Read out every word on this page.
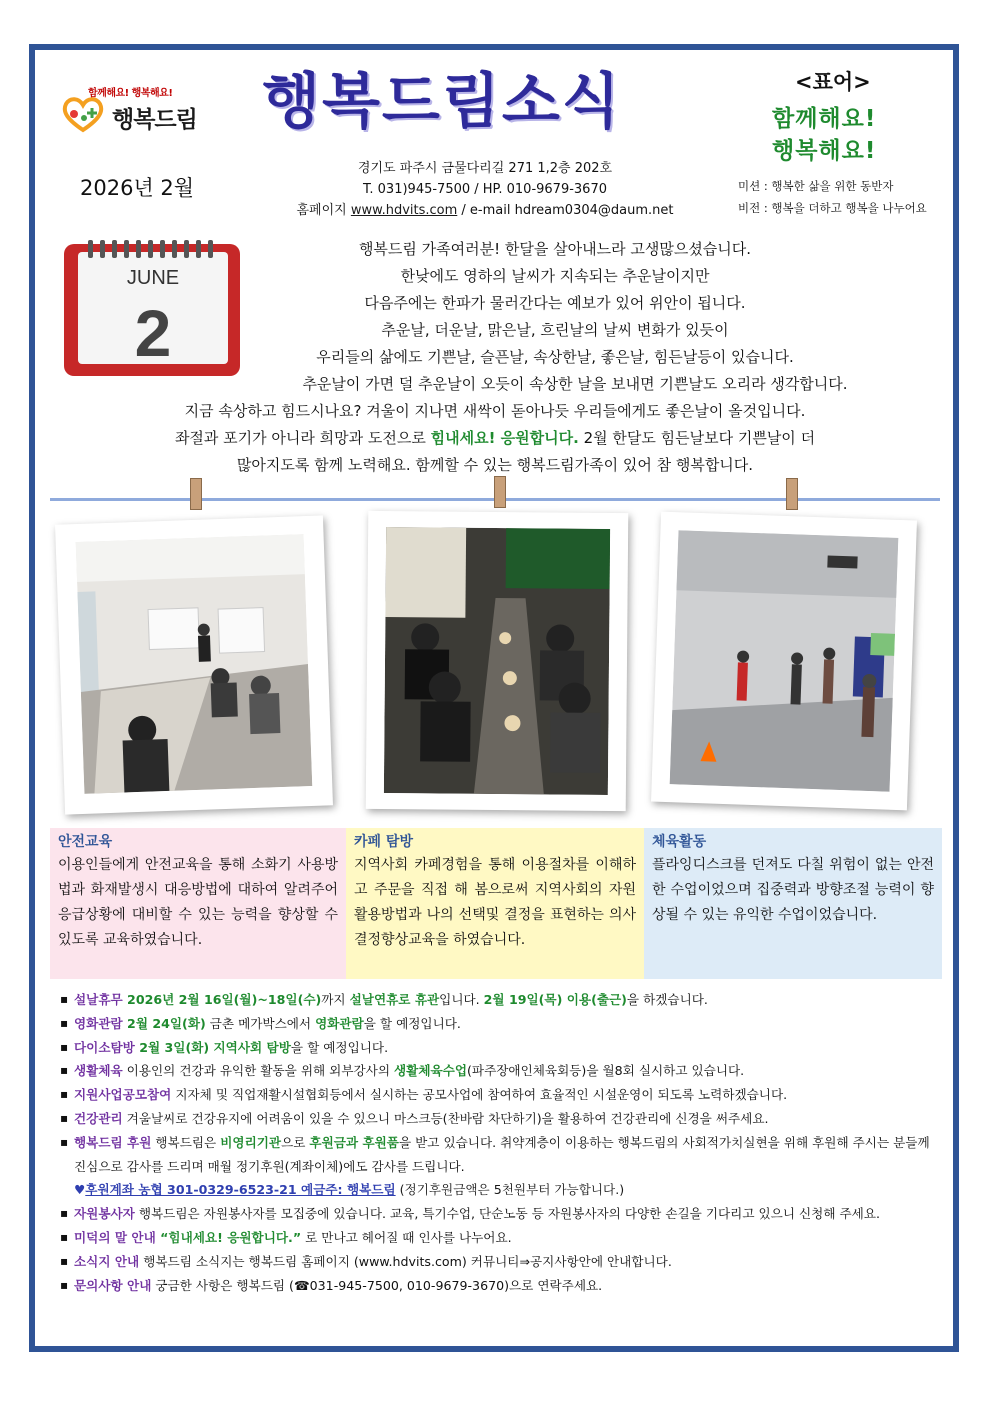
함께해요! 행복해요!
행복드림 행복드림소식	<표어>
함께해요!
행복해요!
2026년 2월
경기도 파주시 금물다리길 271 1,2층 202호
T. 031)945-7500 / HP. 010-9679-3670
홈페이지 www.hdvits.com / e-mail hdream0304@daum.net
미션 : 행복한 삶을 위한 동반자
비전 : 행복을 더하고 행복을 나누어요
JUNE
2

행복드림 가족여러분! 한달을 살아내느라 고생많으셨습니다.

한낮에도 영하의 날씨가 지속되는 추운날이지만

다음주에는 한파가 물러간다는 예보가 있어 위안이 됩니다.

추운날, 더운날, 맑은날, 흐린날의 날씨 변화가 있듯이

우리들의 삶에도 기쁜날, 슬픈날, 속상한날, 좋은날, 힘든날등이 있습니다.

추운날이 가면 덜 추운날이 오듯이 속상한 날을 보내면 기쁜날도 오리라 생각합니다.

지금 속상하고 힘드시나요? 겨울이 지나면 새싹이 돋아나듯 우리들에게도 좋은날이 올것입니다.

좌절과 포기가 아니라 희망과 도전으로 힘내세요! 응원합니다. 2월 한달도 힘든날보다 기쁜날이 더

많아지도록 함께 노력해요. 함께할 수 있는 행복드림가족이 있어 참 행복합니다.

안전교육

이용인들에게 안전교육을 통해 소화기 사용방법과 화재발생시 대응방법에 대하여 알려주어 응급상황에 대비할 수 있는 능력을 향상할 수 있도록 교육하였습니다.

카페 탐방

지역사회 카페경험을 통해 이용절차를 이해하고 주문을 직접 해 봄으로써 지역사회의 자원활용방법과 나의 선택및 결정을 표현하는 의사결정향상교육을 하였습니다.

체육활동

플라잉디스크를 던져도 다칠 위험이 없는 안전한 수업이었으며 집중력과 방향조절 능력이 향상될 수 있는 유익한 수업이었습니다.

▪ 설날휴무 2026년 2월 16일(월)~18일(수)까지 설날연휴로 휴관입니다. 2월 19일(목) 이용(출근)을 하겠습니다.

▪ 영화관람 2월 24일(화) 금촌 메가박스에서 영화관람을 할 예정입니다.

▪ 다이소탐방 2월 3일(화) 지역사회 탐방을 할 예정입니다.

▪ 생활체육 이용인의 건강과 유익한 활동을 위해 외부강사의 생활체육수업(파주장애인체육회등)을 월8회 실시하고 있습니다.

▪ 지원사업공모참여 지자체 및 직업재활시설협회등에서 실시하는 공모사업에 참여하여 효율적인 시설운영이 되도록 노력하겠습니다.

▪ 건강관리 겨울날씨로 건강유지에 어려움이 있을 수 있으니 마스크등(찬바람 차단하기)을 활용하여 건강관리에 신경을 써주세요.

▪ 행복드림 후원 행복드림은 비영리기관으로 후원금과 후원품을 받고 있습니다. 취약계층이 이용하는 행복드림의 사회적가치실현을 위해 후원해 주시는 분들께 진심으로 감사를 드리며 매월 정기후원(계좌이체)에도 감사를 드립니다.

♥후원계좌 농협 301-0329-6523-21 예금주: 행복드림 (정기후원금액은 5천원부터 가능합니다.)

▪ 자원봉사자 행복드림은 자원봉사자를 모집중에 있습니다. 교육, 특기수업, 단순노동 등 자원봉사자의 다양한 손길을 기다리고 있으니 신청해 주세요.

▪ 미덕의 말 안내 “힘내세요! 응원합니다.” 로 만나고 헤어질 때 인사를 나누어요.

▪ 소식지 안내 행복드림 소식지는 행복드림 홈페이지 (www.hdvits.com) 커뮤니티⇒공지사항안에 안내합니다.

▪ 문의사항 안내 궁금한 사항은 행복드림 (☎031-945-7500, 010-9679-3670)으로 연락주세요.
